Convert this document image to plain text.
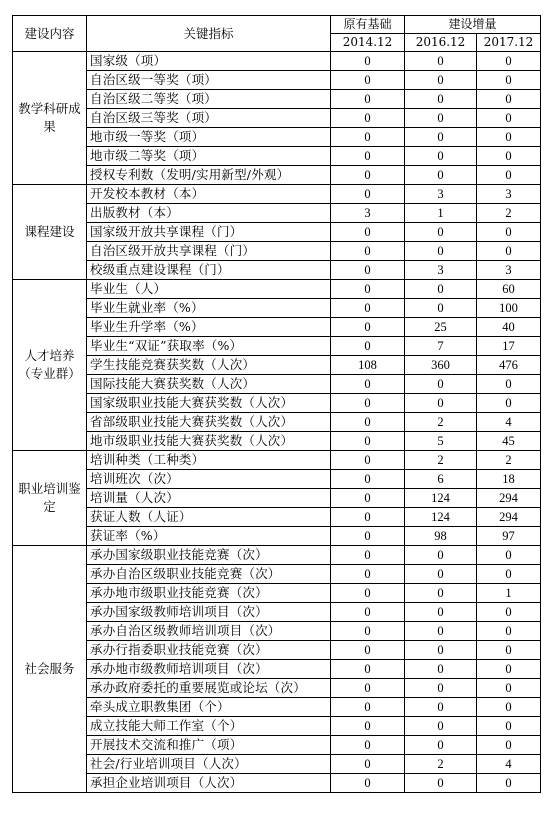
建设内容	关键指标	原有基础	建设增量	
		2014.12	2016.12	2017.12
教学科研成果	国家级（项）	0	0	0
	自治区级一等奖（项）	0	0	0
	自治区级二等奖（项）	0	0	0
	自治区级三等奖（项）	0	0	0
	地市级一等奖（项）	0	0	0
	地市级二等奖（项）	0	0	0
	授权专利数（发明/实用新型/外观）	0	0	0
课程建设	开发校本教材（本）	0	3	3
	出版教材（本）	3	1	2
	国家级开放共享课程（门）	0	0	0
	自治区级开放共享课程（门）	0	0	0
	校级重点建设课程（门）	0	3	3
人才培养（专业群）	毕业生（人）	0	0	60
	毕业生就业率（%）	0	0	100
	毕业生升学率（%）	0	25	40
	毕业生“双证”获取率（%）	0	7	17
	学生技能竞赛获奖数（人次）	108	360	476
	国际技能大赛获奖数（人次）	0	0	0
	国家级职业技能大赛获奖数（人次）	0	0	0
	省部级职业技能大赛获奖数（人次）	0	2	4
	地市级职业技能大赛获奖数（人次）	0	5	45
职业培训鉴定	培训种类（工种类）	0	2	2
	培训班次（次）	0	6	18
	培训量（人次）	0	124	294
	获证人数（人证）	0	124	294
	获证率（%）	0	98	97
社会服务	承办国家级职业技能竞赛（次）	0	0	0
	承办自治区级职业技能竞赛（次）	0	0	0
	承办地市级职业技能竞赛（次）	0	0	1
	承办国家级教师培训项目（次）	0	0	0
	承办自治区级教师培训项目（次）	0	0	0
	承办行指委职业技能竞赛（次）	0	0	0
	承办地市级教师培训项目（次）	0	0	0
	承办政府委托的重要展览或论坛（次）	0	0	0
	牵头成立职教集团（个）	0	0	0
	成立技能大师工作室（个）	0	0	0
	开展技术交流和推广（项）	0	0	0
	社会/行业培训项目（人次）	0	2	4
	承担企业培训项目（人次）	0	0	0
